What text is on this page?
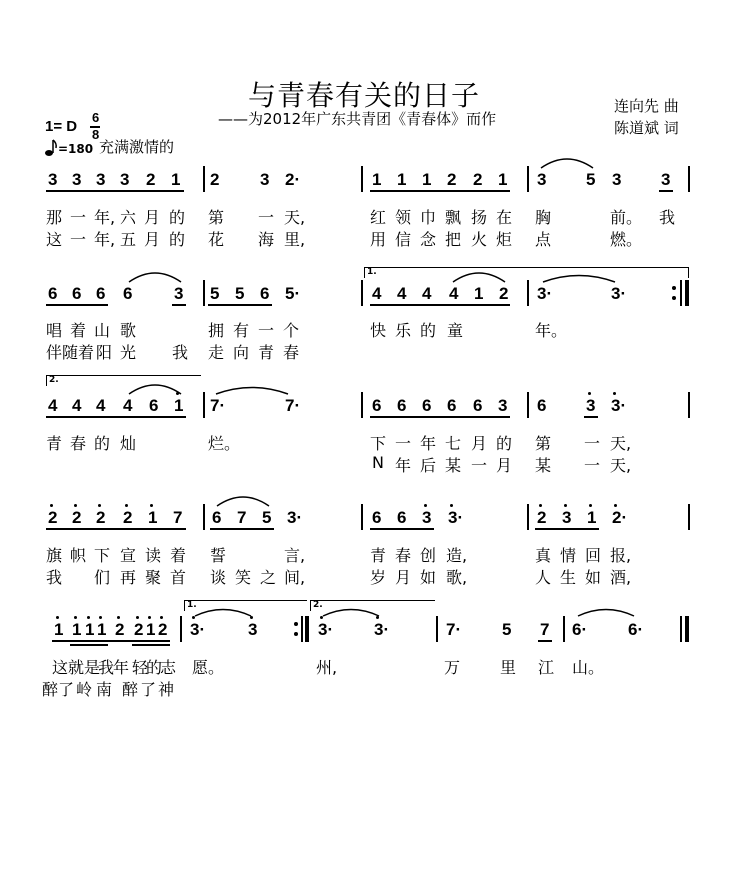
与青春有关的日子
——为2012年广东共青团《青春体》而作
连向先 曲
陈道斌 词
1= D
6
8
=180 充满激情的
3 3 3 3 2 1 2 3 2·	1 1 1 2 2 1 3 5 3 3
那 一 年, 六 月 的 第 一 天,	红 领 巾 飘 扬 在 胸	前。 我
这 一 年, 五 月 的 花 海 里,	用 信 念 把 火 炬 点	燃。
1.
6 6 6 6 3 5 5 6 5·	4 4 4 4 1 2 3·	3·
唱 着 山 歌	拥 有 一 个	快 乐 的 童	年。
伴 随 着 阳 光 我 走 向 青 春
2.
4 4 4 4 6 1 7·	7·	6 6 6 6 6 3 6 3 3·
青 春 的 灿	烂。	下 一 年 七 月 的 第 一 天,
N 年 后 某 一 月 某 一 天,
2 2 2 2 1 7 6 7 5 3·	6 6 3 3·	2 3 1 2·
旗 帜 下 宣 读 着 誓	言,	青 春 创 造,	真 情 回 报,
我 们 再 聚 首 谈 笑 之 间,	岁 月 如 歌,	人 生 如 酒,
1.	2.
1 1 1 1 2 2 1 2 3·	3	3· 3·	7· 5 7 6· 6·
这 就 是
我
年 轻
的
志 愿。	州,	万 里 江 山。
醉 了 岭 南 醉 了 神
